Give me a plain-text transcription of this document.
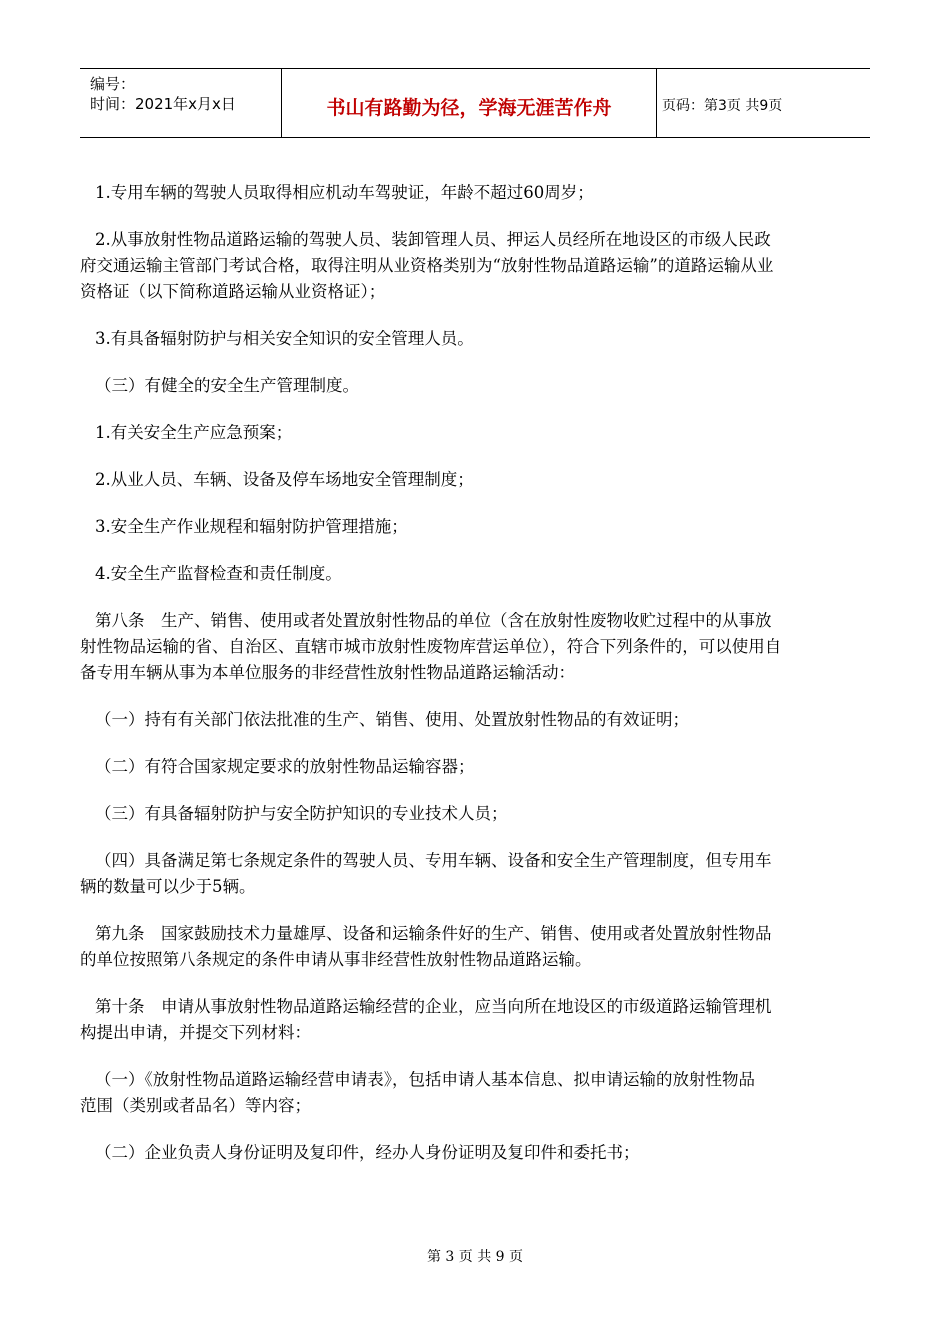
编号：
时间：2021年x月x日	书山有路勤为径，学海无涯苦作舟	页码：第3页 共9页
1.专用车辆的驾驶人员取得相应机动车驾驶证，年龄不超过60周岁；
2.从事放射性物品道路运输的驾驶人员、装卸管理人员、押运人员经所在地设区的市级人民政
府交通运输主管部门考试合格，取得注明从业资格类别为“放射性物品道路运输”的道路运输从业
资格证（以下简称道路运输从业资格证）；
3.有具备辐射防护与相关安全知识的安全管理人员。
（三）有健全的安全生产管理制度。
1.有关安全生产应急预案；
2.从业人员、车辆、设备及停车场地安全管理制度；
3.安全生产作业规程和辐射防护管理措施；
4.安全生产监督检查和责任制度。
第八条　生产、销售、使用或者处置放射性物品的单位（含在放射性废物收贮过程中的从事放
射性物品运输的省、自治区、直辖市城市放射性废物库营运单位），符合下列条件的，可以使用自
备专用车辆从事为本单位服务的非经营性放射性物品道路运输活动：
（一）持有有关部门依法批准的生产、销售、使用、处置放射性物品的有效证明；
（二）有符合国家规定要求的放射性物品运输容器；
（三）有具备辐射防护与安全防护知识的专业技术人员；
（四）具备满足第七条规定条件的驾驶人员、专用车辆、设备和安全生产管理制度，但专用车
辆的数量可以少于5辆。
第九条　国家鼓励技术力量雄厚、设备和运输条件好的生产、销售、使用或者处置放射性物品
的单位按照第八条规定的条件申请从事非经营性放射性物品道路运输。
第十条　申请从事放射性物品道路运输经营的企业，应当向所在地设区的市级道路运输管理机
构提出申请，并提交下列材料：
（一）《放射性物品道路运输经营申请表》，包括申请人基本信息、拟申请运输的放射性物品
范围（类别或者品名）等内容；
（二）企业负责人身份证明及复印件，经办人身份证明及复印件和委托书；
第 3 页 共 9 页
